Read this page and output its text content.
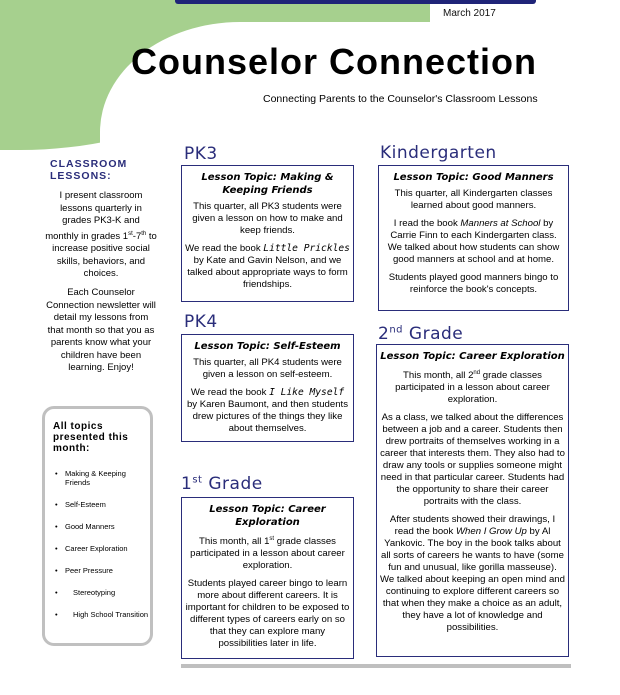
March 2017
Counselor Connection
Connecting Parents to the Counselor's Classroom Lessons
CLASSROOM LESSONS:
I present classroom lessons quarterly in grades PK3-K and monthly in grades 1st-7th to increase positive social skills, behaviors, and choices.
Each Counselor Connection newsletter will detail my lessons from that month so that you as parents know what your children have been learning. Enjoy!
All topics presented this month:
• Making & Keeping Friends
• Self-Esteem
• Good Manners
• Career Exploration
• Peer Pressure
• Stereotyping
• High School Transition
PK3
Lesson Topic: Making & Keeping Friends

This quarter, all PK3 students were given a lesson on how to make and keep friends.

We read the book Little Prickles by Kate and Gavin Nelson, and we talked about appropriate ways to form friendships.

PK4
Lesson Topic: Self-Esteem

This quarter, all PK4 students were given a lesson on self-esteem.

We read the book I Like Myself by Karen Baumont, and then students drew pictures of the things they like about themselves.

1st Grade
Lesson Topic: Career Exploration

This month, all 1st grade classes participated in a lesson about career exploration.

Students played career bingo to learn more about different careers. It is important for children to be exposed to different types of careers early on so that they can explore many possibilities later in life.

Kindergarten
Lesson Topic: Good Manners

This quarter, all Kindergarten classes learned about good manners.

I read the book Manners at School by Carrie Finn to each Kindergarten class. We talked about how students can show good manners at school and at home.

Students played good manners bingo to reinforce the book's concepts.

2nd Grade
Lesson Topic: Career Exploration

This month, all 2nd grade classes participated in a lesson about career exploration.

As a class, we talked about the differences between a job and a career. Students then drew portraits of themselves working in a career that interests them. They also had to draw any tools or supplies someone might need in that particular career. Students had the opportunity to share their career portraits with the class.

After students showed their drawings, I read the book When I Grow Up by Al Yankovic. The boy in the book talks about all sorts of careers he wants to have (some fun and unusual, like gorilla masseuse). We talked about keeping an open mind and continuing to explore different careers so that when they make a choice as an adult, they have a lot of knowledge and possibilities.
